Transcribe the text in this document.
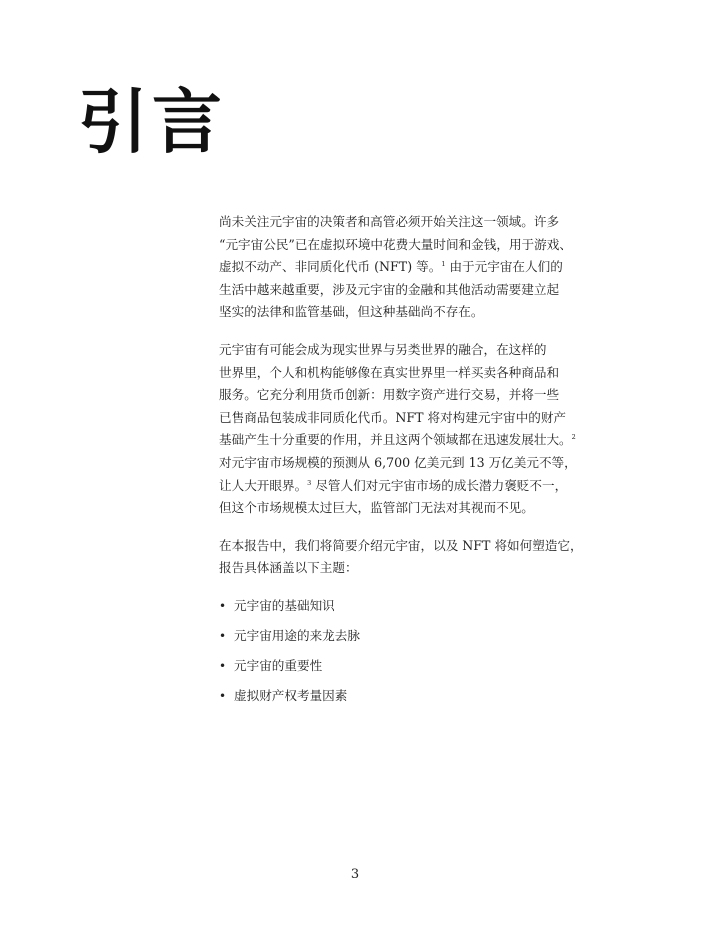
引言

尚未关注元宇宙的决策者和高管必须开始关注这一领域。许多
“元宇宙公民”已在虚拟环境中花费大量时间和金钱，用于游戏、
虚拟不动产、非同质化代币 (NFT) 等。$^1$ 由于元宇宙在人们的
生活中越来越重要，涉及元宇宙的金融和其他活动需要建立起
坚实的法律和监管基础，但这种基础尚不存在。

元宇宙有可能会成为现实世界与另类世界的融合，在这样的
世界里，个人和机构能够像在真实世界里一样买卖各种商品和
服务。它充分利用货币创新：用数字资产进行交易，并将一些
已售商品包装成非同质化代币。NFT 将对构建元宇宙中的财产
基础产生十分重要的作用，并且这两个领域都在迅速发展壮大。$^2$
对元宇宙市场规模的预测从 6,700 亿美元到 13 万亿美元不等，
让人大开眼界。$^3$ 尽管人们对元宇宙市场的成长潜力褒贬不一，
但这个市场规模太过巨大，监管部门无法对其视而不见。

在本报告中，我们将简要介绍元宇宙，以及 NFT 将如何塑造它，
报告具体涵盖以下主题：

• 元宇宙的基础知识
• 元宇宙用途的来龙去脉
• 元宇宙的重要性
• 虚拟财产权考量因素
3
